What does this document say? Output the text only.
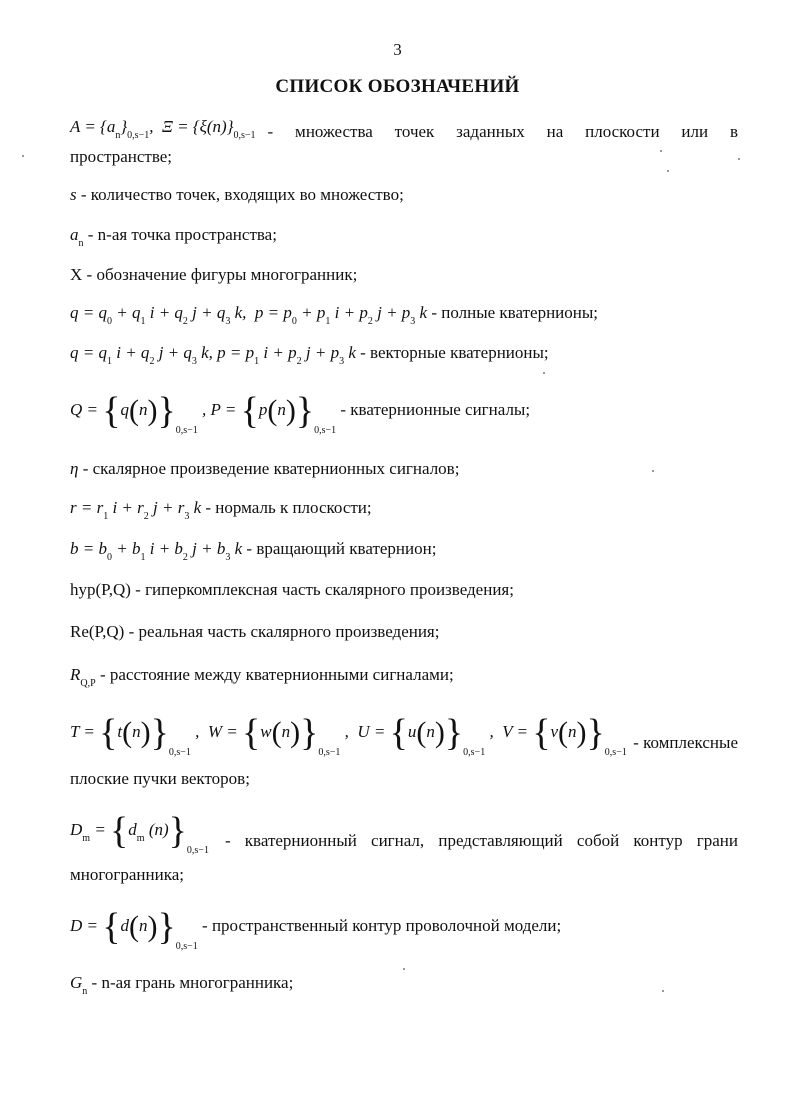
3
СПИСОК ОБОЗНАЧЕНИЙ
$A = \{a_n\}_{0,s-1}$,  $\Xi = \{\xi(n)\}_{0,s-1}$ - множества точек заданных на плоскости или в
пространстве;
s - количество точек, входящих во множество;
$a_n - n-ая$ точка пространства;
X - обозначение фигуры многогранник;
$q = q_0 + q_1$ $i + q_2$ $j + q_3$ k,  $p = p_0 + p_1$ $i + p_2$ $j + p_3$ k - полные кватернионы;
$q = q_1$ $i + q_2$ $j + q_3$ k, $p = p_1$ $i + p_2$ $j + p_3$ k - векторные кватернионы;
$Q = \{q(n)\}_{0,s-1}$ , $P = \{p(n)\}_{0,s-1}$ - кватернионные сигналы;
η - скалярное произведение кватернионных сигналов;
$r = r_1$ $i + r_2$ $j + r_3$ k - нормаль к плоскости;
$b = b_0 + b_1$ $i + b_2$ $j + b_3$ k - вращающий кватернион;
hyp(P,Q) - гиперкомплексная часть скалярного произведения;
Re(P,Q) - реальная часть скалярного произведения;
$R_{Q,P}$ - расстояние между кватернионными сигналами;
$T = \{t(n)\}_{0,s-1}$ ,  $W = \{w(n)\}_{0,s-1}$ ,  $U = \{u(n)\}_{0,s-1}$ ,  $V = \{v(n)\}_{0,s-1}$
- комплексные
плоские пучки векторов;
$D_m = \{d_m$ $(n)\}_{0,s-1}$
- кватернионный сигнал, представляющий собой контур грани
многогранника;
$D = \{d(n)\}_{0,s-1}$ - пространственный контур проволочной модели;
$G_n - n-ая$ грань многогранника;
